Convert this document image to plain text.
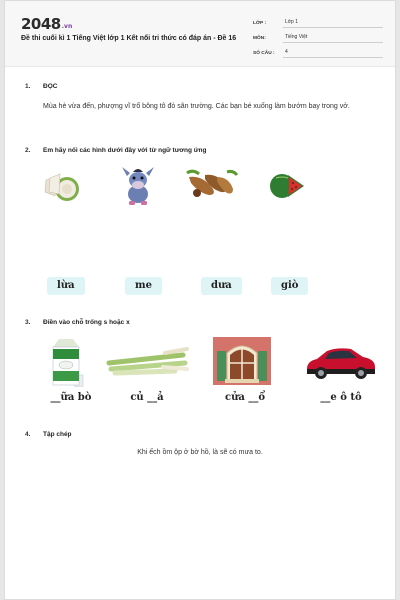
2048.vn
Đề thi cuối kì 1 Tiếng Việt lớp 1 Kết nối tri thức có đáp án - Đề 16
LỚP :	Lớp 1
MÔN:	Tiếng Việt
SỐ CÂU :	4
1. ĐỌC
Mùa hè vừa đến, phượng vĩ trổ bông tô đỏ sân trường. Các bạn bé xuống làm bướm bay trong vở.
2. Em hãy nối các hình dưới đây với từ ngữ tương ứng
lừa	me	dưa	giò
3. Điền vào chỗ trống s hoặc x
__ữa bò	củ __ả	cửa __ổ	__e ô tô
4. Tập chép
Khi ếch ồm ộp ở bờ hồ, là sẽ có mưa to.
